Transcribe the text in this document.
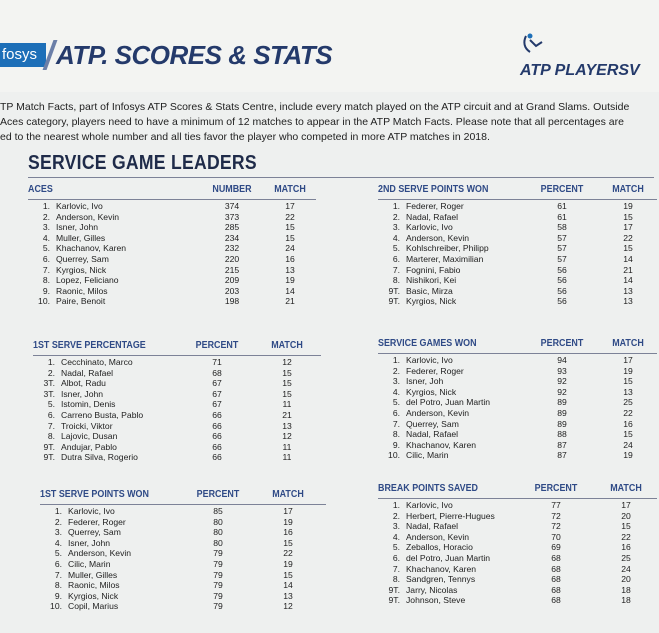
fosys ATP. SCORES & STATS
ATP PLAYERSV
TP Match Facts, part of Infosys ATP Scores & Stats Centre, include every match played on the ATP circuit and at Grand Slams. Outside
Aces category, players need to have a minimum of 12 matches to appear in the ATP Match Facts. Please note that all percentages are
ed to the nearest whole number and all ties favor the player who competed in more ATP matches in 2018.
SERVICE GAME LEADERS
ACES	NUMBER	MATCH
1. Karlovic, Ivo	374	17
2. Anderson, Kevin	373	22
3. Isner, John	285	15
4. Muller, Gilles	234	15
5. Khachanov, Karen	232	24
6. Querrey, Sam	220	16
7. Kyrgios, Nick	215	13
8. Lopez, Feliciano	209	19
9. Raonic, Milos	203	14
10. Paire, Benoit	198	21
1ST SERVE PERCENTAGE	PERCENT	MATCH
1. Cecchinato, Marco	71	12
2. Nadal, Rafael	68	15
3T. Albot, Radu	67	15
3T. Isner, John	67	15
5. Istomin, Denis	67	11
6. Carreno Busta, Pablo	66	21
7. Troicki, Viktor	66	13
8. Lajovic, Dusan	66	12
9T. Andujar, Pablo	66	11
9T. Dutra Silva, Rogerio	66	11
1ST SERVE POINTS WON	PERCENT	MATCH
1. Karlovic, Ivo	85	17
2. Federer, Roger	80	19
3. Querrey, Sam	80	16
4. Isner, John	80	15
5. Anderson, Kevin	79	22
6. Cilic, Marin	79	19
7. Muller, Gilles	79	15
8. Raonic, Milos	79	14
9. Kyrgios, Nick	79	13
10. Copil, Marius	79	12
2ND SERVE POINTS WON	PERCENT	MATCH
1. Federer, Roger	61	19
2. Nadal, Rafael	61	15
3. Karlovic, Ivo	58	17
4. Anderson, Kevin	57	22
5. Kohlschreiber, Philipp	57	15
6. Marterer, Maximilian	57	14
7. Fognini, Fabio	56	21
8. Nishikori, Kei	56	14
9T. Basic, Mirza	56	13
9T. Kyrgios, Nick	56	13
SERVICE GAMES WON	PERCENT	MATCH
1. Karlovic, Ivo	94	17
2. Federer, Roger	93	19
3. Isner, Joh	92	15
4. Kyrgios, Nick	92	13
5. del Potro, Juan Martin	89	25
6. Anderson, Kevin	89	22
7. Querrey, Sam	89	16
8. Nadal, Rafael	88	15
9. Khachanov, Karen	87	24
10. Cilic, Marin	87	19
BREAK POINTS SAVED	PERCENT	MATCH
1. Karlovic, Ivo	77	17
2. Herbert, Pierre-Hugues	72	20
3. Nadal, Rafael	72	15
4. Anderson, Kevin	70	22
5. Zeballos, Horacio	69	16
6. del Potro, Juan Martin	68	25
7. Khachanov, Karen	68	24
8. Sandgren, Tennys	68	20
9T. Jarry, Nicolas	68	18
9T. Johnson, Steve	68	18
